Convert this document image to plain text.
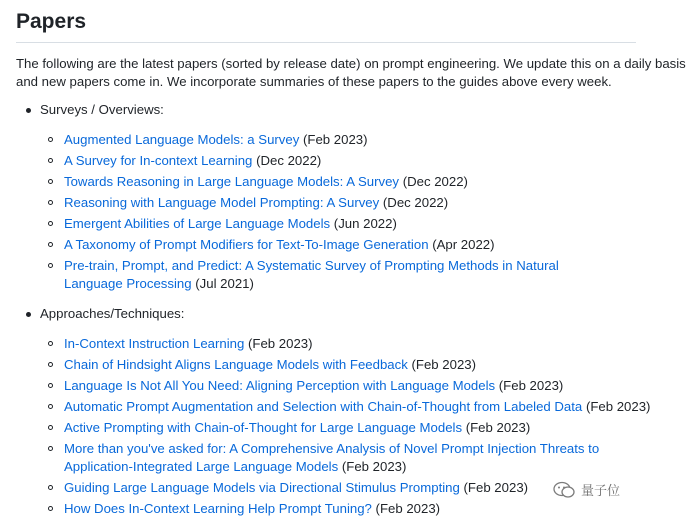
Papers

The following are the latest papers (sorted by release date) on prompt engineering. We update this on a daily basis
and new papers come in. We incorporate summaries of these papers to the guides above every week.

Surveys / Overviews:
Augmented Language Models: a Survey (Feb 2023)
A Survey for In-context Learning (Dec 2022)
Towards Reasoning in Large Language Models: A Survey (Dec 2022)
Reasoning with Language Model Prompting: A Survey (Dec 2022)
Emergent Abilities of Large Language Models (Jun 2022)
A Taxonomy of Prompt Modifiers for Text-To-Image Generation (Apr 2022)
Pre-train, Prompt, and Predict: A Systematic Survey of Prompting Methods in Natural Language Processing (Jul 2021)
Approaches/Techniques:
In-Context Instruction Learning (Feb 2023)
Chain of Hindsight Aligns Language Models with Feedback (Feb 2023)
Language Is Not All You Need: Aligning Perception with Language Models (Feb 2023)
Automatic Prompt Augmentation and Selection with Chain-of-Thought from Labeled Data (Feb 2023)
Active Prompting with Chain-of-Thought for Large Language Models (Feb 2023)
More than you've asked for: A Comprehensive Analysis of Novel Prompt Injection Threats to Application-Integrated Large Language Models (Feb 2023)
Guiding Large Language Models via Directional Stimulus Prompting (Feb 2023)
How Does In-Context Learning Help Prompt Tuning? (Feb 2023)
量子位
